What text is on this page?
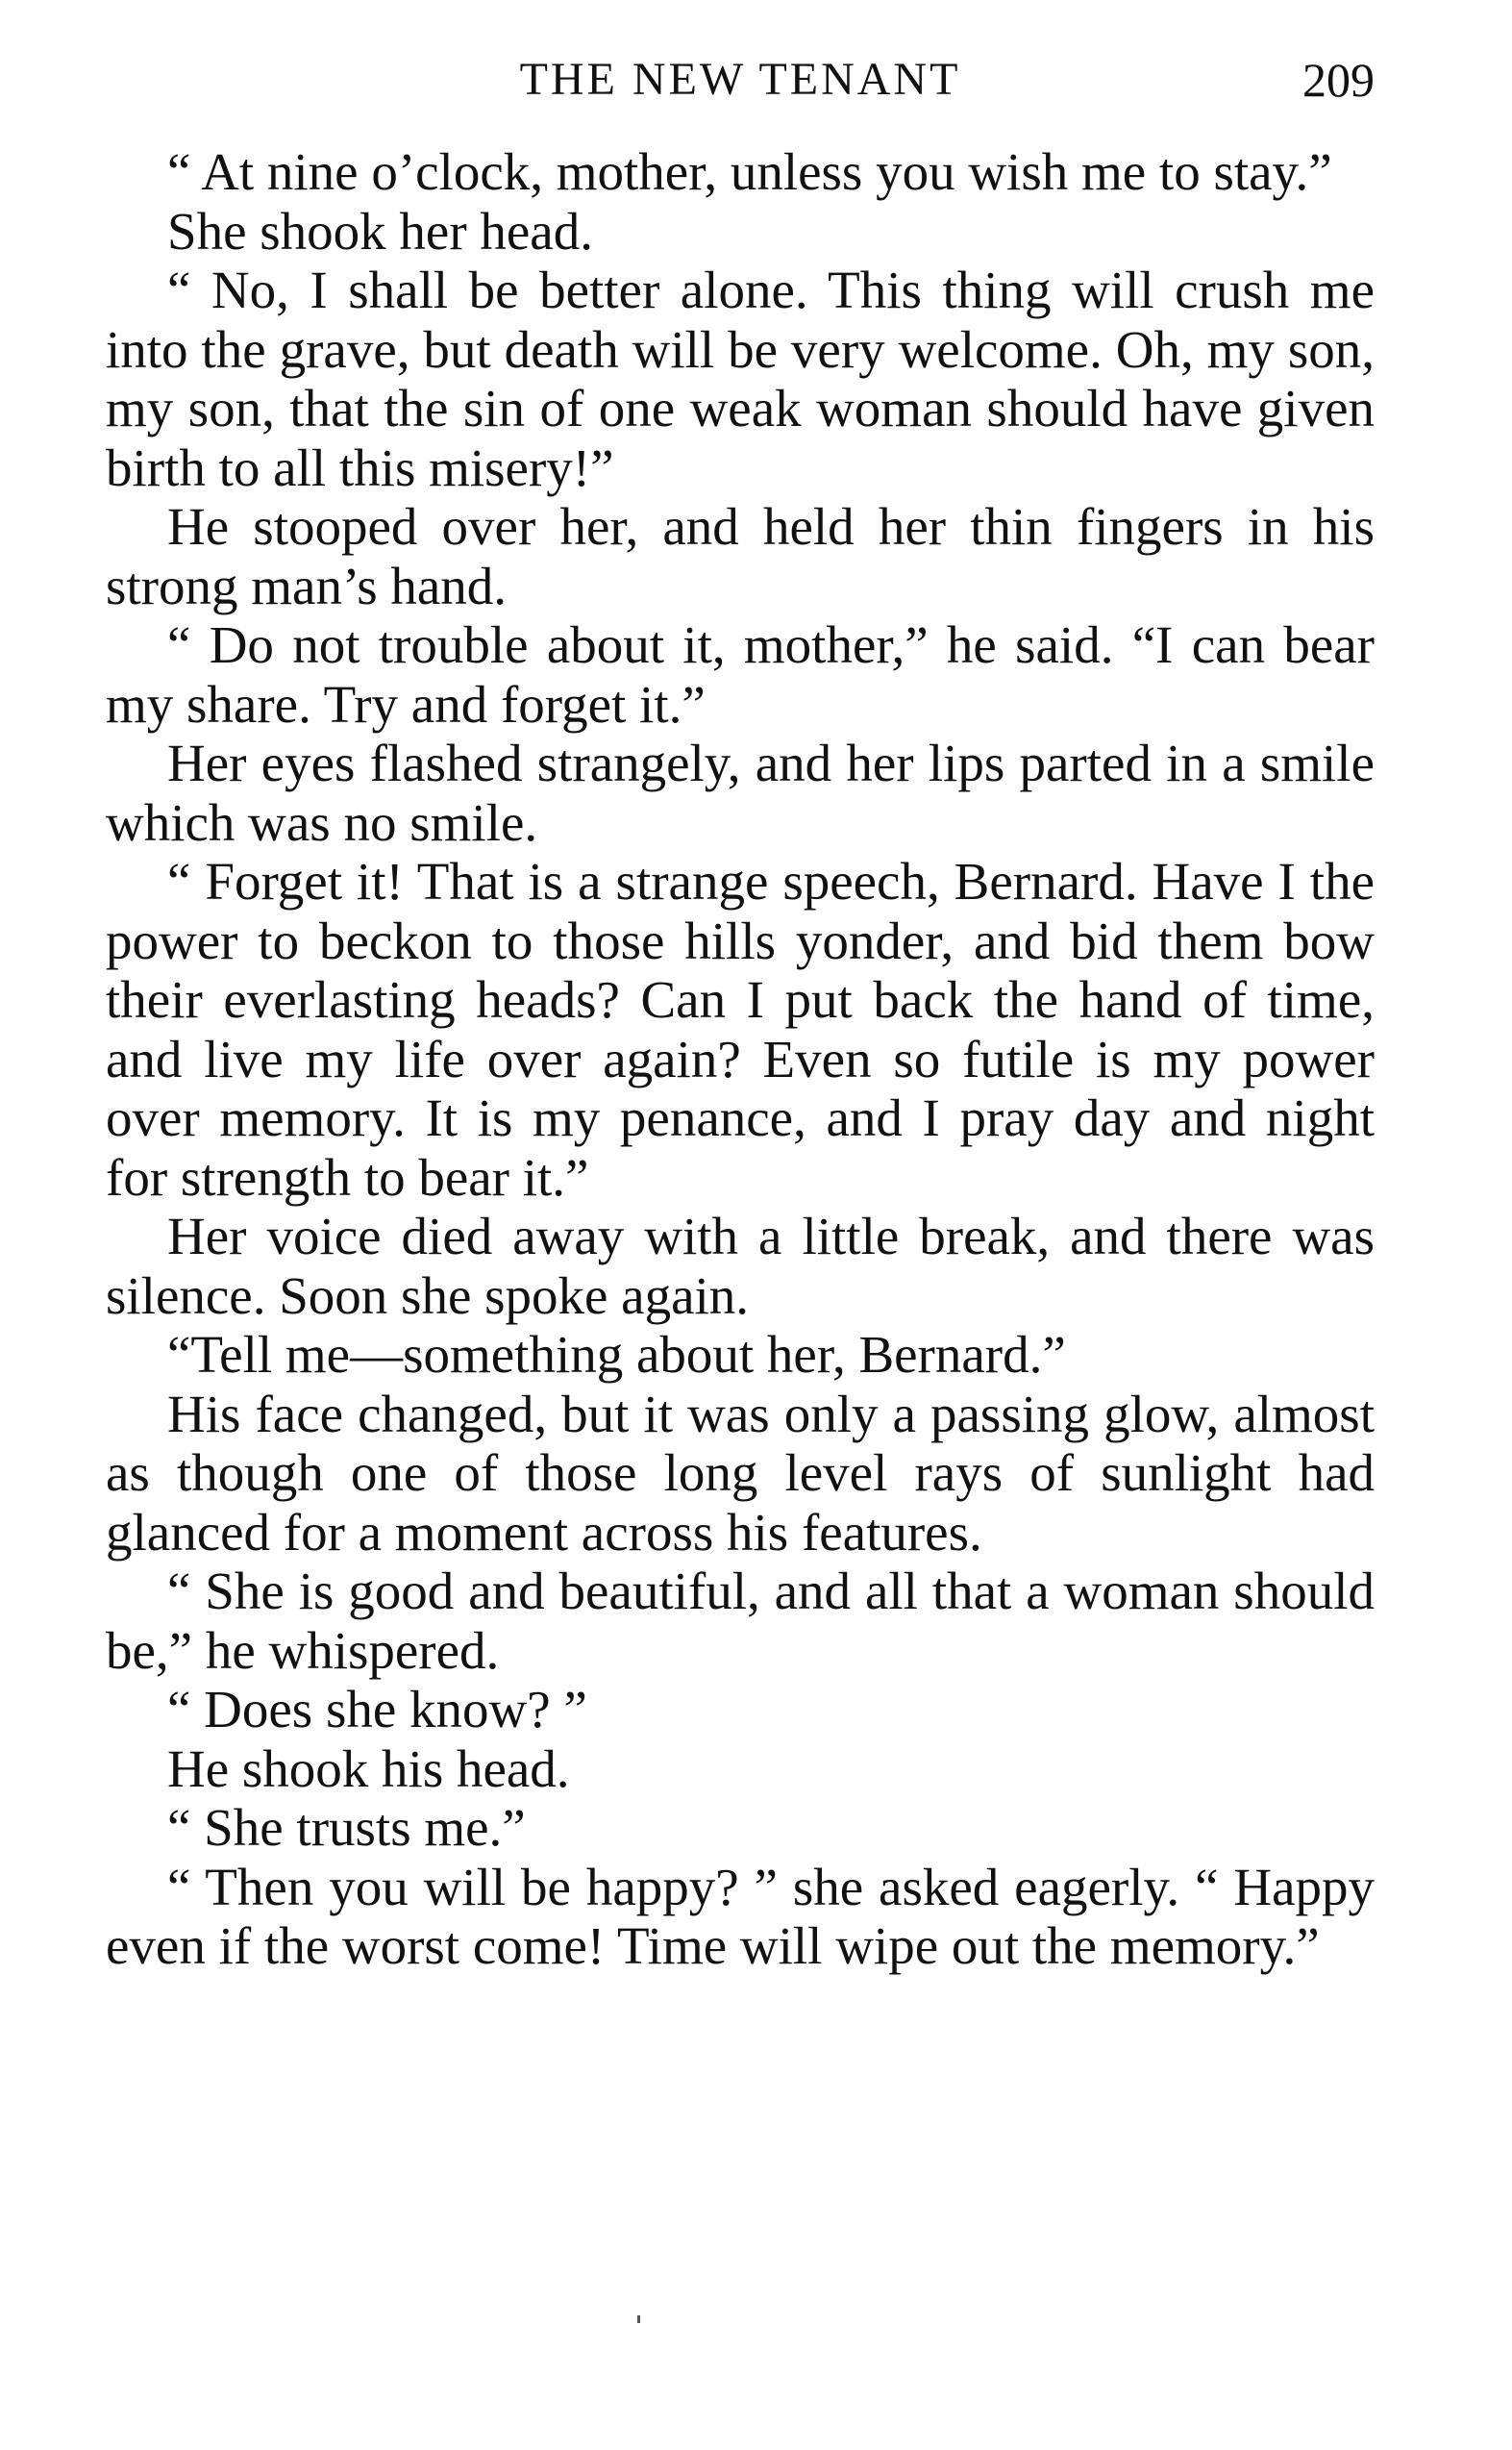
THE NEW TENANT	209

“ At nine o’clock, mother, unless you wish me to stay.”

She shook her head.

“ No, I shall be better alone. This thing will crush me into the grave, but death will be very welcome. Oh, my son, my son, that the sin of one weak woman should have given birth to all this misery!”

He stooped over her, and held her thin fingers in his strong man’s hand.

“ Do not trouble about it, mother,” he said. “I can bear my share. Try and forget it.”

Her eyes flashed strangely, and her lips parted in a smile which was no smile.

“ Forget it! That is a strange speech, Bernard. Have I the power to beckon to those hills yonder, and bid them bow their everlasting heads? Can I put back the hand of time, and live my life over again? Even so futile is my power over memory. It is my penance, and I pray day and night for strength to bear it.”

Her voice died away with a little break, and there was silence. Soon she spoke again.

“Tell me—something about her, Bernard.”

His face changed, but it was only a passing glow, almost as though one of those long level rays of sunlight had glanced for a moment across his features.

“ She is good and beautiful, and all that a woman should be,” he whispered.

“ Does she know? ”

He shook his head.

“ She trusts me.”

“ Then you will be happy? ” she asked eagerly. “ Happy even if the worst come! Time will wipe out the memory.”
